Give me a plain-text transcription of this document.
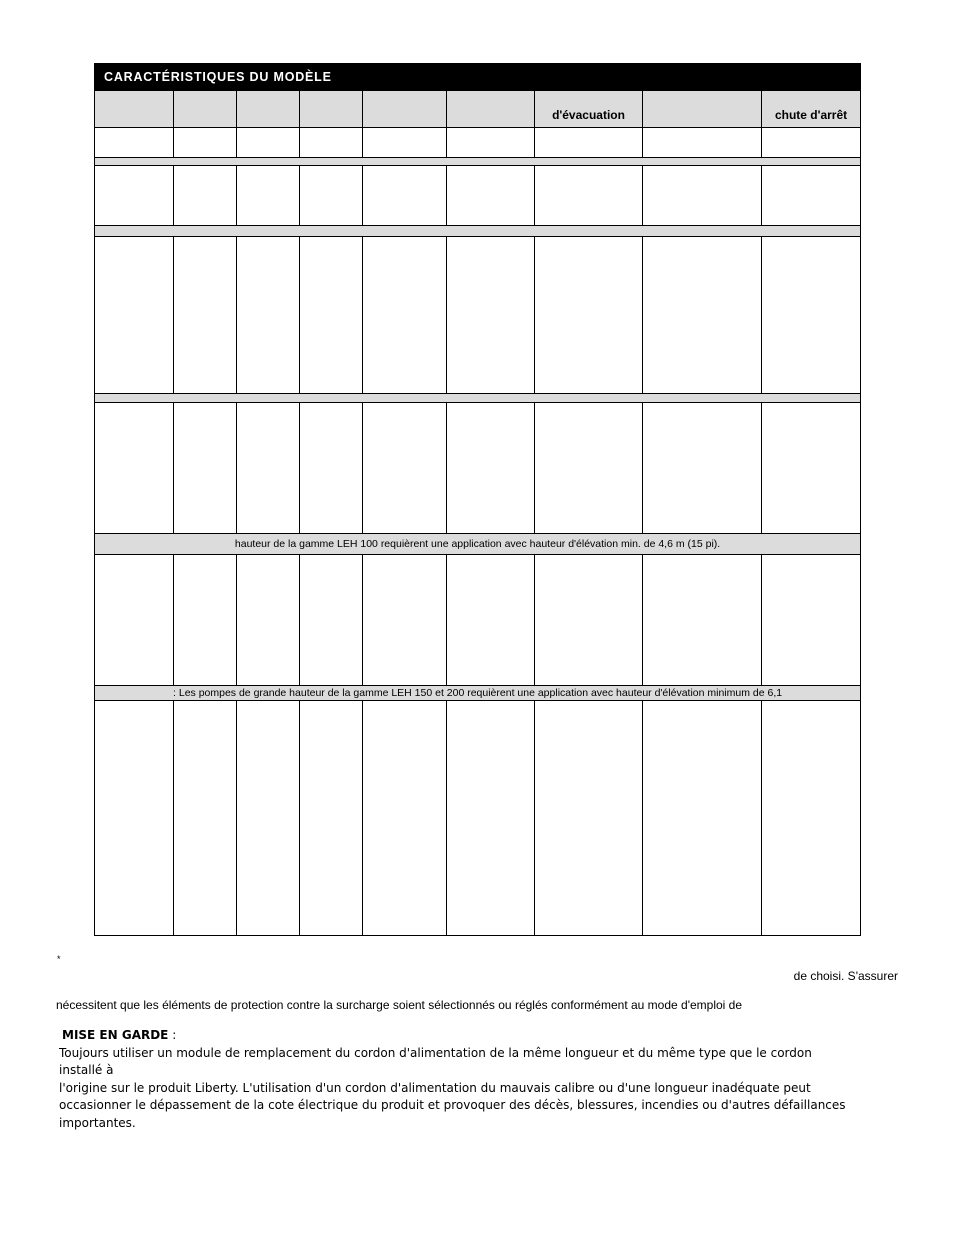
CARACTÉRISTIQUES DU MODÈLE								
						d'évacuation		chute d'arrêt

hauteur de la gamme LEH 100 requièrent une application avec hauteur d'élévation min. de 4,6 m (15 pi).								

: Les pompes de grande hauteur de la gamme LEH 150 et 200 requièrent une application avec hauteur d'élévation minimum de 6,1								

*
de choisi. S'assurer
nécessitent que les éléments de protection contre la surcharge soient sélectionnés ou réglés conformément au mode d'emploi de
MISE EN GARDE :
Toujours utiliser un module de remplacement du cordon d'alimentation de la même longueur et du même type que le cordon installé à
l'origine sur le produit Liberty. L'utilisation d'un cordon d'alimentation du mauvais calibre ou d'une longueur inadéquate peut
occasionner le dépassement de la cote électrique du produit et provoquer des décès, blessures, incendies ou d'autres défaillances
importantes.
